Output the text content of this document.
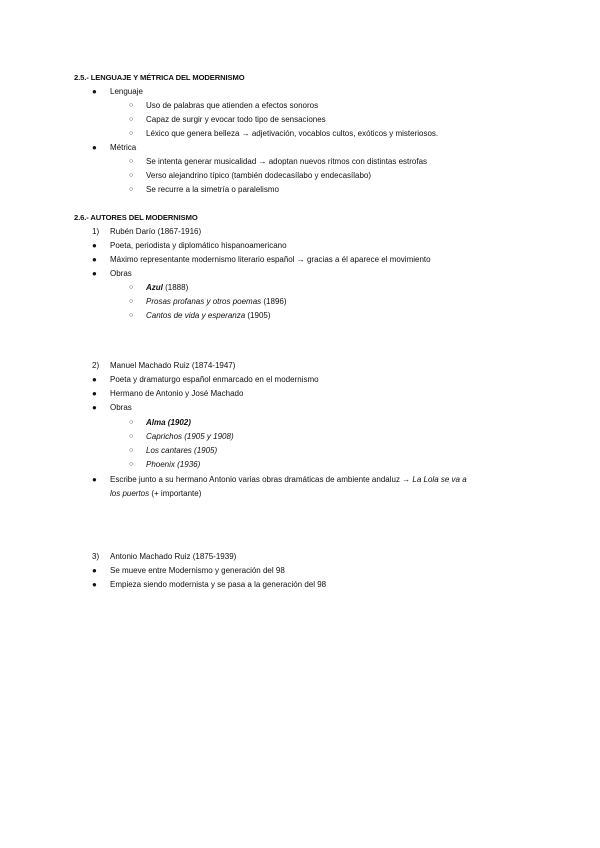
2.5.- LENGUAJE Y MÉTRICA DEL MODERNISMO
● Lenguaje
○ Uso de palabras que atienden a efectos sonoros
○ Capaz de surgir y evocar todo tipo de sensaciones
○ Léxico que genera belleza → adjetivación, vocablos cultos, exóticos y misteriosos.
● Métrica
○ Se intenta generar musicalidad → adoptan nuevos ritmos con distintas estrofas
○ Verso alejandrino típico (también dodecasílabo y endecasílabo)
○ Se recurre a la simetría o paralelismo
2.6.- AUTORES DEL MODERNISMO
1) Rubén Darío (1867-1916)
● Poeta, periodista y diplomático hispanoamericano
● Máximo representante modernismo literario español → gracias a él aparece el movimiento
● Obras
○ Azul (1888)
○ Prosas profanas y otros poemas (1896)
○ Cantos de vida y esperanza (1905)
2) Manuel Machado Ruiz (1874-1947)
● Poeta y dramaturgo español enmarcado en el modernismo
● Hermano de Antonio y José Machado
● Obras
○ Alma (1902)
○ Caprichos (1905 y 1908)
○ Los cantares (1905)
○ Phoenix (1936)
● Escribe junto a su hermano Antonio varias obras dramáticas de ambiente andaluz → La Lola se va a
los puertos (+ importante)
3) Antonio Machado Ruiz (1875-1939)
● Se mueve entre Modernismo y generación del 98
● Empieza siendo modernista y se pasa a la generación del 98
